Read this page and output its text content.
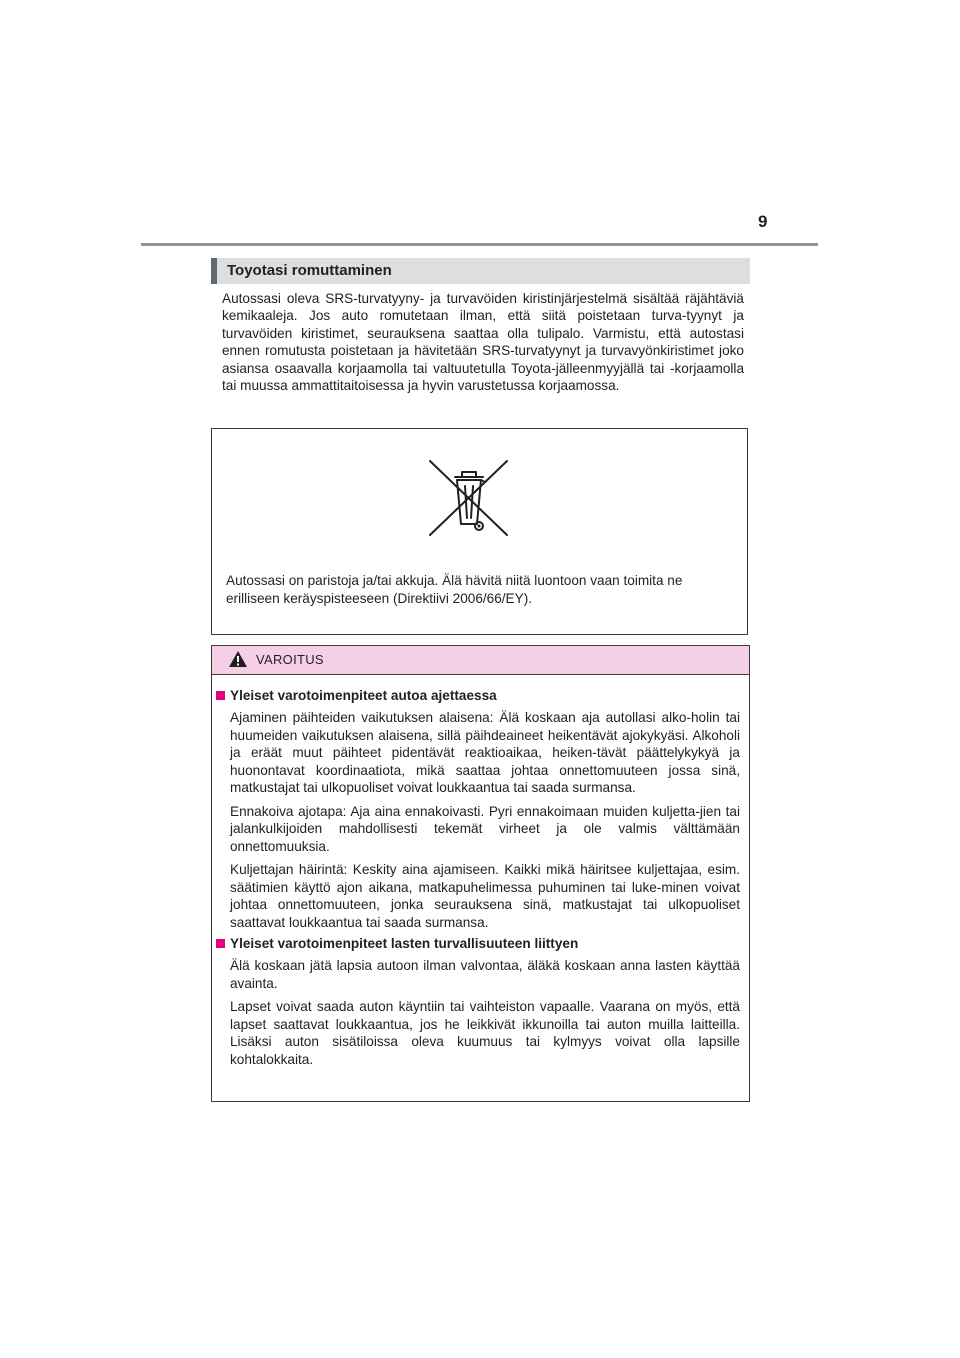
9
Toyotasi romuttaminen

Autossasi oleva SRS-turvatyyny- ja turvavöiden kiristinjärjestelmä sisältää räjähtäviä kemikaaleja. Jos auto romutetaan ilman, että siitä poistetaan turva-tyynyt ja turvavöiden kiristimet, seurauksena saattaa olla tulipalo. Varmistu, että autostasi ennen romutusta poistetaan ja hävitetään SRS-turvatyynyt ja turvavyönkiristimet joko asiansa osaavalla korjaamolla tai valtuutetulla Toyota-jälleenmyyjällä tai -korjaamolla tai muussa ammattitaitoisessa ja hyvin varustetussa korjaamossa.

Autossasi on paristoja ja/tai akkuja. Älä hävitä niitä luontoon vaan toimita ne erilliseen keräyspisteeseen (Direktiivi 2006/66/EY).

VAROITUS
Yleiset varotoimenpiteet autoa ajettaessa

Ajaminen päihteiden vaikutuksen alaisena: Älä koskaan aja autollasi alko-holin tai huumeiden vaikutuksen alaisena, sillä päihdeaineet heikentävät ajokykyäsi. Alkoholi ja eräät muut päihteet pidentävät reaktioaikaa, heiken-tävät päättelykykyä ja huonontavat koordinaatiota, mikä saattaa johtaa onnettomuuteen jossa sinä, matkustajat tai ulkopuoliset voivat loukkaantua tai saada surmansa.

Ennakoiva ajotapa: Aja aina ennakoivasti. Pyri ennakoimaan muiden kuljetta-jien tai jalankulkijoiden mahdollisesti tekemät virheet ja ole valmis välttämään onnettomuuksia.

Kuljettajan häirintä: Keskity aina ajamiseen. Kaikki mikä häiritsee kuljettajaa, esim. säätimien käyttö ajon aikana, matkapuhelimessa puhuminen tai luke-minen voivat johtaa onnettomuuteen, jonka seurauksena sinä, matkustajat tai ulkopuoliset saattavat loukkaantua tai saada surmansa.

Yleiset varotoimenpiteet lasten turvallisuuteen liittyen

Älä koskaan jätä lapsia autoon ilman valvontaa, äläkä koskaan anna lasten käyttää avainta.

Lapset voivat saada auton käyntiin tai vaihteiston vapaalle. Vaarana on myös, että lapset saattavat loukkaantua, jos he leikkivät ikkunoilla tai auton muilla laitteilla. Lisäksi auton sisätiloissa oleva kuumuus tai kylmyys voivat olla lapsille kohtalokkaita.
